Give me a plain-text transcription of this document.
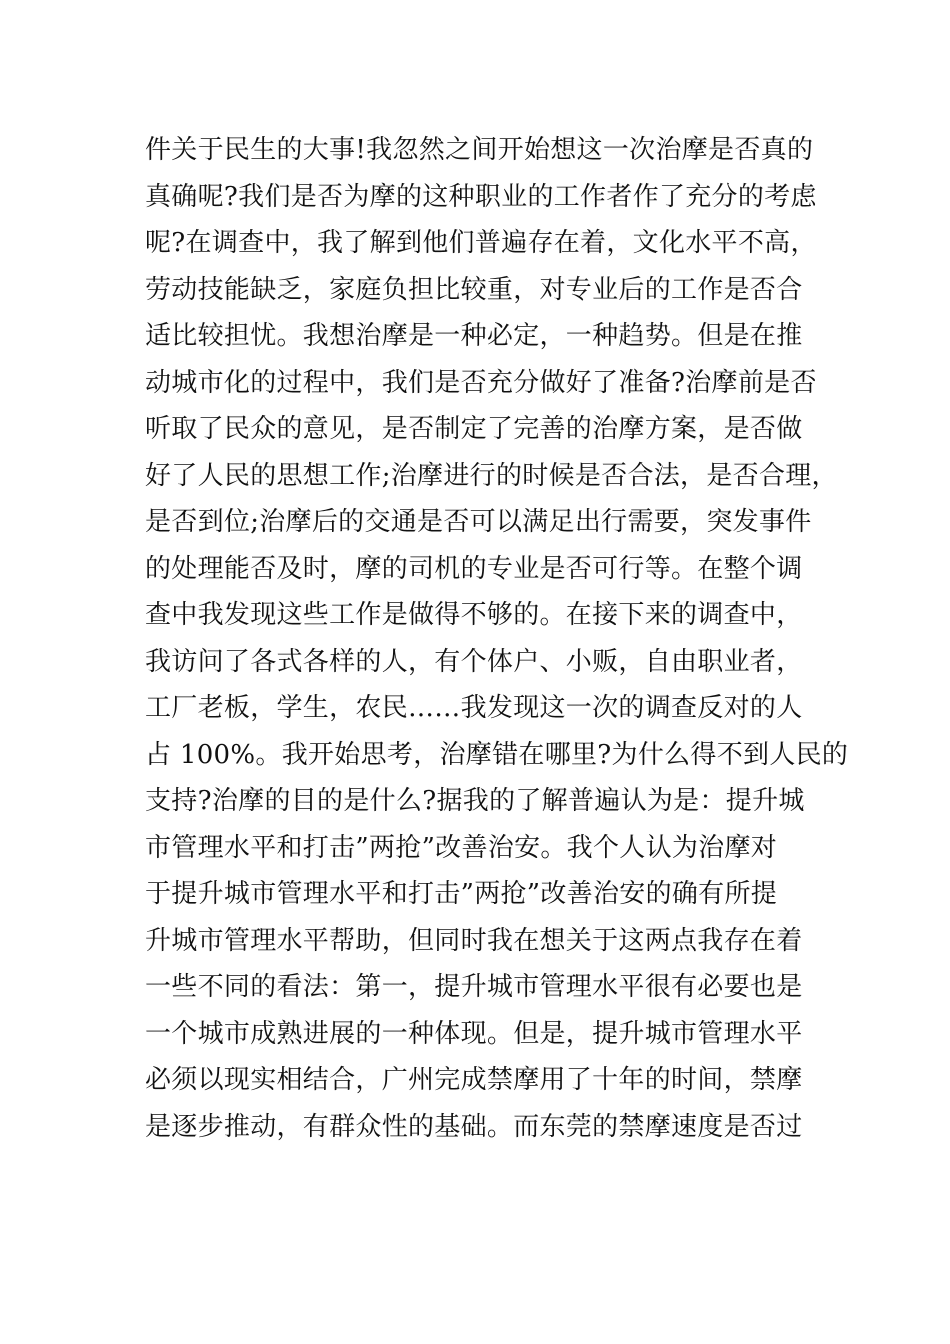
件关于民生的大事!我忽然之间开始想这一次治摩是否真的
真确呢?我们是否为摩的这种职业的工作者作了充分的考虑
呢?在调查中，我了解到他们普遍存在着，文化水平不高，
劳动技能缺乏，家庭负担比较重，对专业后的工作是否合
适比较担忧。我想治摩是一种必定，一种趋势。但是在推
动城市化的过程中，我们是否充分做好了准备?治摩前是否
听取了民众的意见，是否制定了完善的治摩方案，是否做
好了人民的思想工作;治摩进行的时候是否合法，是否合理，
是否到位;治摩后的交通是否可以满足出行需要，突发事件
的处理能否及时，摩的司机的专业是否可行等。在整个调
查中我发现这些工作是做得不够的。在接下来的调查中，
我访问了各式各样的人，有个体户、小贩，自由职业者，
工厂老板，学生，农民……我发现这一次的调查反对的人
占 100%。我开始思考，治摩错在哪里?为什么得不到人民的
支持?治摩的目的是什么?据我的了解普遍认为是：提升城
市管理水平和打击”两抢”改善治安。我个人认为治摩对
于提升城市管理水平和打击”两抢”改善治安的确有所提
升城市管理水平帮助，但同时我在想关于这两点我存在着
一些不同的看法：第一，提升城市管理水平很有必要也是
一个城市成熟进展的一种体现。但是，提升城市管理水平
必须以现实相结合，广州完成禁摩用了十年的时间，禁摩
是逐步推动，有群众性的基础。而东莞的禁摩速度是否过
